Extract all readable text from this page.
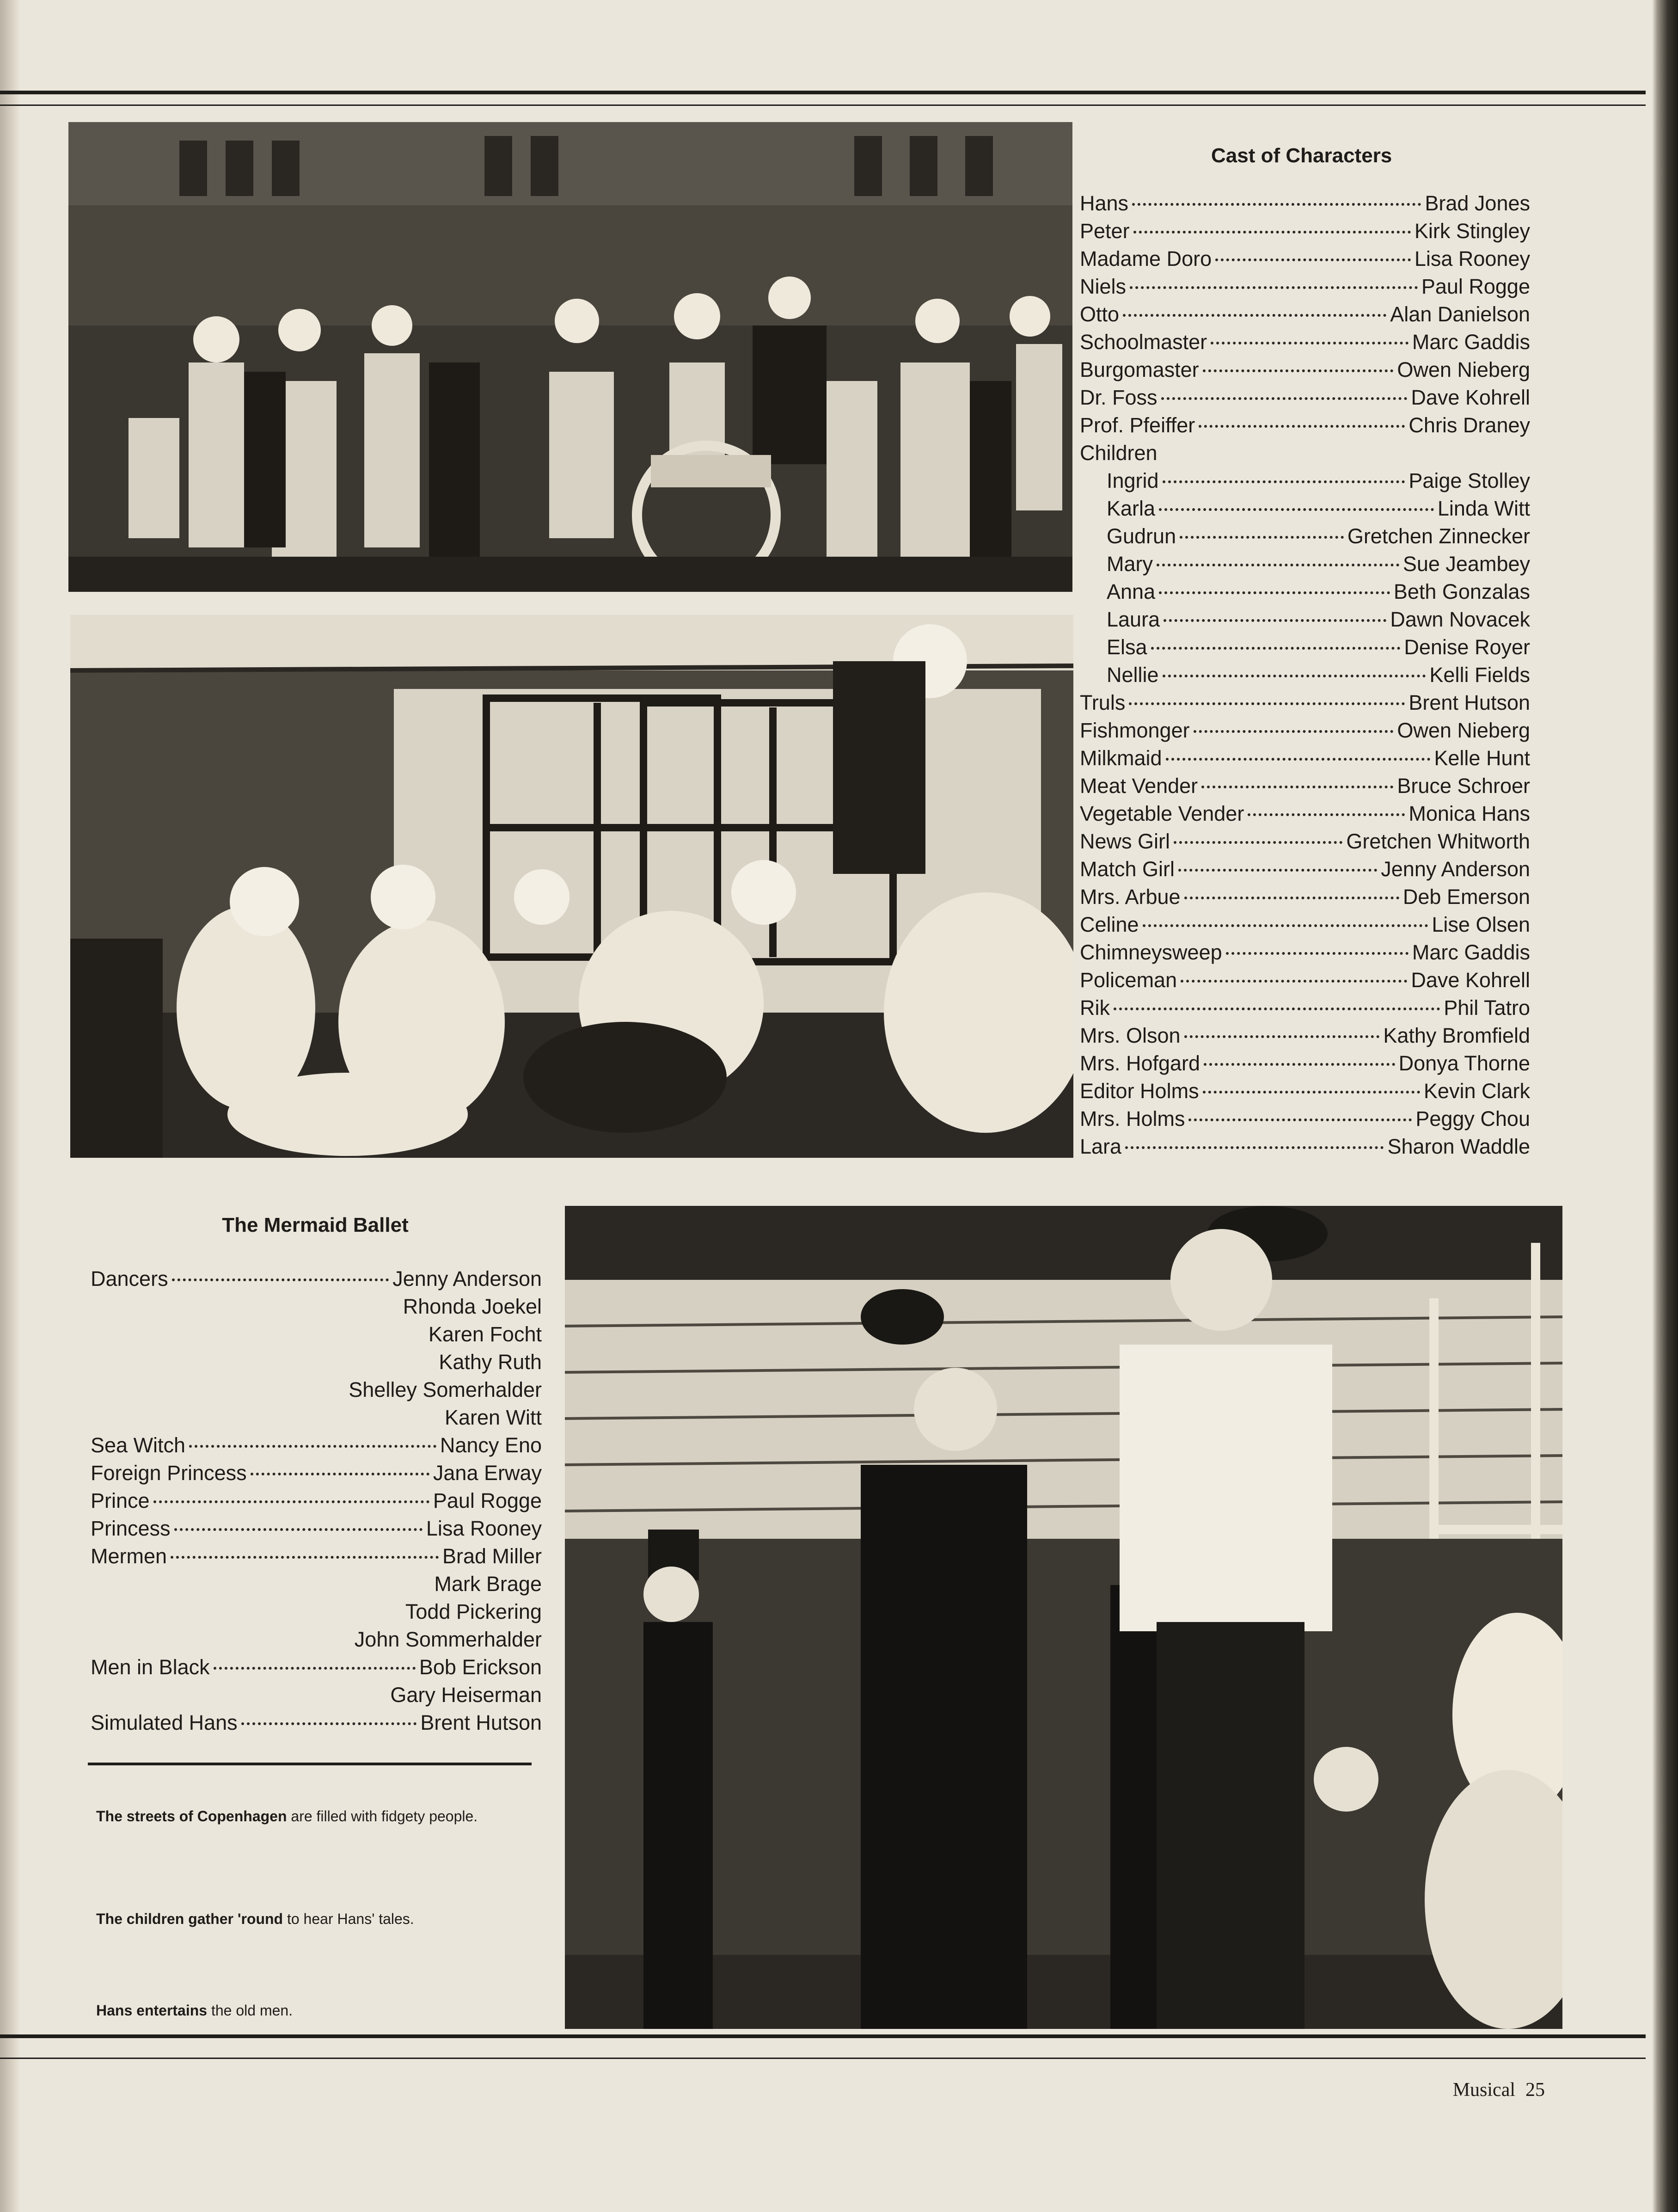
Cast of Characters
Hans	Brad Jones
Peter	Kirk Stingley
Madame Doro	Lisa Rooney
Niels	Paul Rogge
Otto	Alan Danielson
Schoolmaster	Marc Gaddis
Burgomaster	Owen Nieberg
Dr. Foss	Dave Kohrell
Prof. Pfeiffer	Chris Draney
Children
Ingrid	Paige Stolley
Karla	Linda Witt
Gudrun	Gretchen Zinnecker
Mary	Sue Jeambey
Anna	Beth Gonzalas
Laura	Dawn Novacek
Elsa	Denise Royer
Nellie	Kelli Fields
Truls	Brent Hutson
Fishmonger	Owen Nieberg
Milkmaid	Kelle Hunt
Meat Vender	Bruce Schroer
Vegetable Vender	Monica Hans
News Girl	Gretchen Whitworth
Match Girl	Jenny Anderson
Mrs. Arbue	Deb Emerson
Celine	Lise Olsen
Chimneysweep	Marc Gaddis
Policeman	Dave Kohrell
Rik	Phil Tatro
Mrs. Olson	Kathy Bromfield
Mrs. Hofgard	Donya Thorne
Editor Holms	Kevin Clark
Mrs. Holms	Peggy Chou
Lara	Sharon Waddle
The Mermaid Ballet
Dancers	Jenny Anderson
Rhonda Joekel
Karen Focht
Kathy Ruth
Shelley Somerhalder
Karen Witt
Sea Witch	Nancy Eno
Foreign Princess	Jana Erway
Prince	Paul Rogge
Princess	Lisa Rooney
Mermen	Brad Miller
Mark Brage
Todd Pickering
John Sommerhalder
Men in Black	Bob Erickson
Gary Heiserman
Simulated Hans	Brent Hutson
The streets of Copenhagen are filled with fidgety people.
The children gather 'round to hear Hans' tales.
Hans entertains the old men.
Musical 25
